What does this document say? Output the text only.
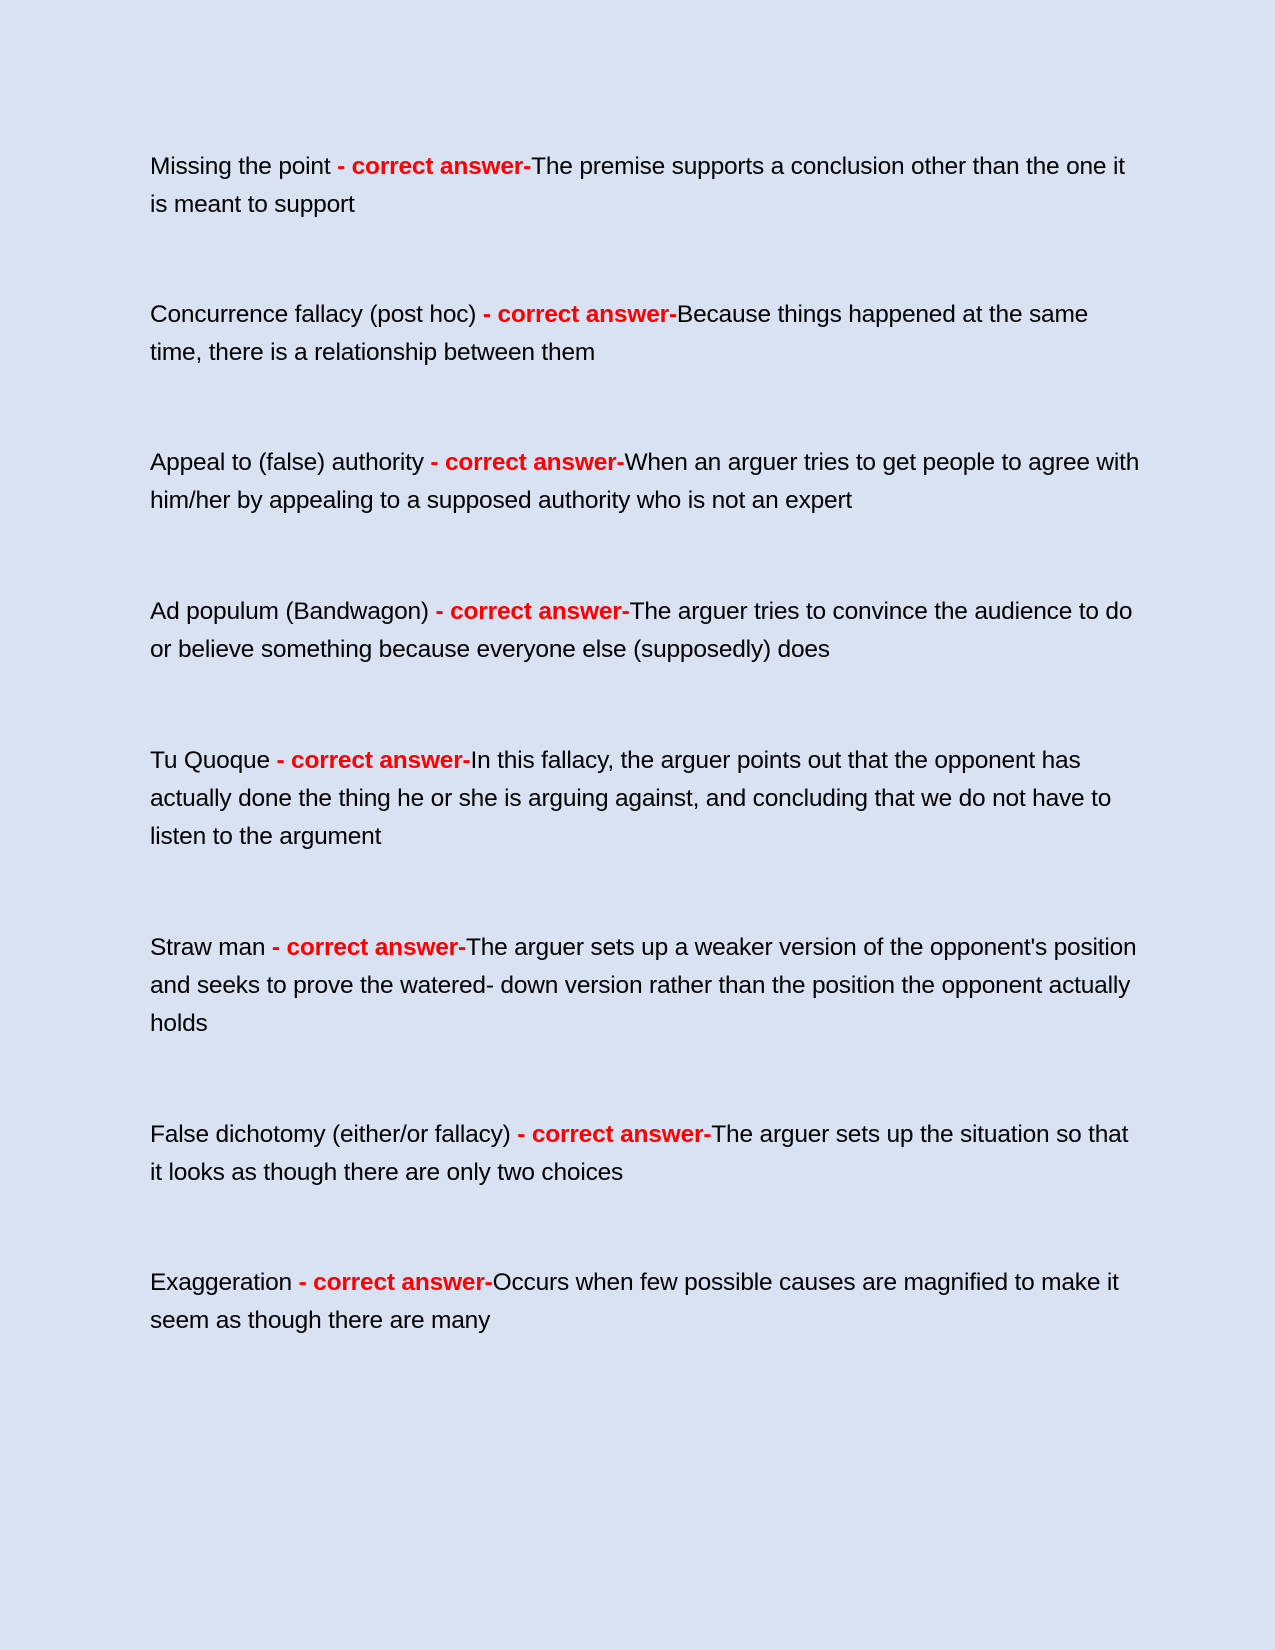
Missing the point - correct answer-The premise supports a conclusion other than the one it is meant to support

Concurrence fallacy (post hoc) - correct answer-Because things happened at the same time, there is a relationship between them

Appeal to (false) authority - correct answer-When an arguer tries to get people to agree with him/her by appealing to a supposed authority who is not an expert

Ad populum (Bandwagon) - correct answer-The arguer tries to convince the audience to do or believe something because everyone else (supposedly) does

Tu Quoque - correct answer-In this fallacy, the arguer points out that the opponent has actually done the thing he or she is arguing against, and concluding that we do not have to listen to the argument

Straw man - correct answer-The arguer sets up a weaker version of the opponent's position and seeks to prove the watered- down version rather than the position the opponent actually holds

False dichotomy (either/or fallacy) - correct answer-The arguer sets up the situation so that it looks as though there are only two choices

Exaggeration - correct answer-Occurs when few possible causes are magnified to make it seem as though there are many
